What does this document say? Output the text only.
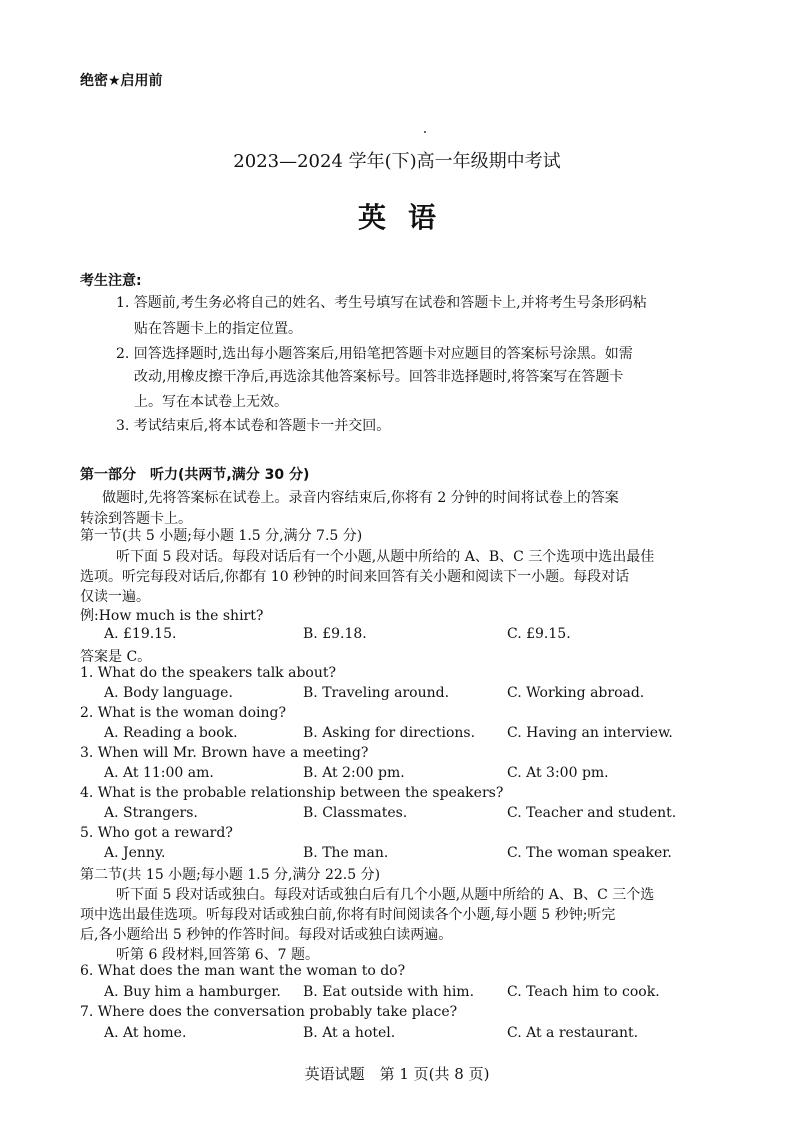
绝密★启用前
2023—2024 学年(下)高一年级期中考试
英语
考生注意:
1. 答题前,考生务必将自己的姓名、考生号填写在试卷和答题卡上,并将考生号条形码粘
贴在答题卡上的指定位置。
2. 回答选择题时,选出每小题答案后,用铅笔把答题卡对应题目的答案标号涂黑。如需
改动,用橡皮擦干净后,再选涂其他答案标号。回答非选择题时,将答案写在答题卡
上。写在本试卷上无效。
3. 考试结束后,将本试卷和答题卡一并交回。
第一部分　听力(共两节,满分 30 分)
做题时,先将答案标在试卷上。录音内容结束后,你将有 2 分钟的时间将试卷上的答案
转涂到答题卡上。
第一节(共 5 小题;每小题 1.5 分,满分 7.5 分)
听下面 5 段对话。每段对话后有一个小题,从题中所给的 A、B、C 三个选项中选出最佳
选项。听完每段对话后,你都有 10 秒钟的时间来回答有关小题和阅读下一小题。每段对话
仅读一遍。
例:How much is the shirt?
A. £19.15.	B. £9.18.	C. £9.15.
答案是 C。
1. What do the speakers talk about?
A. Body language.	B. Traveling around.	C. Working abroad.
2. What is the woman doing?
A. Reading a book.	B. Asking for directions. C. Having an interview.
3. When will Mr. Brown have a meeting?
A. At 11:00 am.	B. At 2:00 pm.	C. At 3:00 pm.
4. What is the probable relationship between the speakers?
A. Strangers.	B. Classmates.	C. Teacher and student.
5. Who got a reward?
A. Jenny.	B. The man.	C. The woman speaker.
第二节(共 15 小题;每小题 1.5 分,满分 22.5 分)
听下面 5 段对话或独白。每段对话或独白后有几个小题,从题中所给的 A、B、C 三个选
项中选出最佳选项。听每段对话或独白前,你将有时间阅读各个小题,每小题 5 秒钟;听完
后,各小题给出 5 秒钟的作答时间。每段对话或独白读两遍。
听第 6 段材料,回答第 6、7 题。
6. What does the man want the woman to do?
A. Buy him a hamburger. B. Eat outside with him. C. Teach him to cook.
7. Where does the conversation probably take place?
A. At home.	B. At a hotel.	C. At a restaurant.
英语试题　第 1 页(共 8 页)
